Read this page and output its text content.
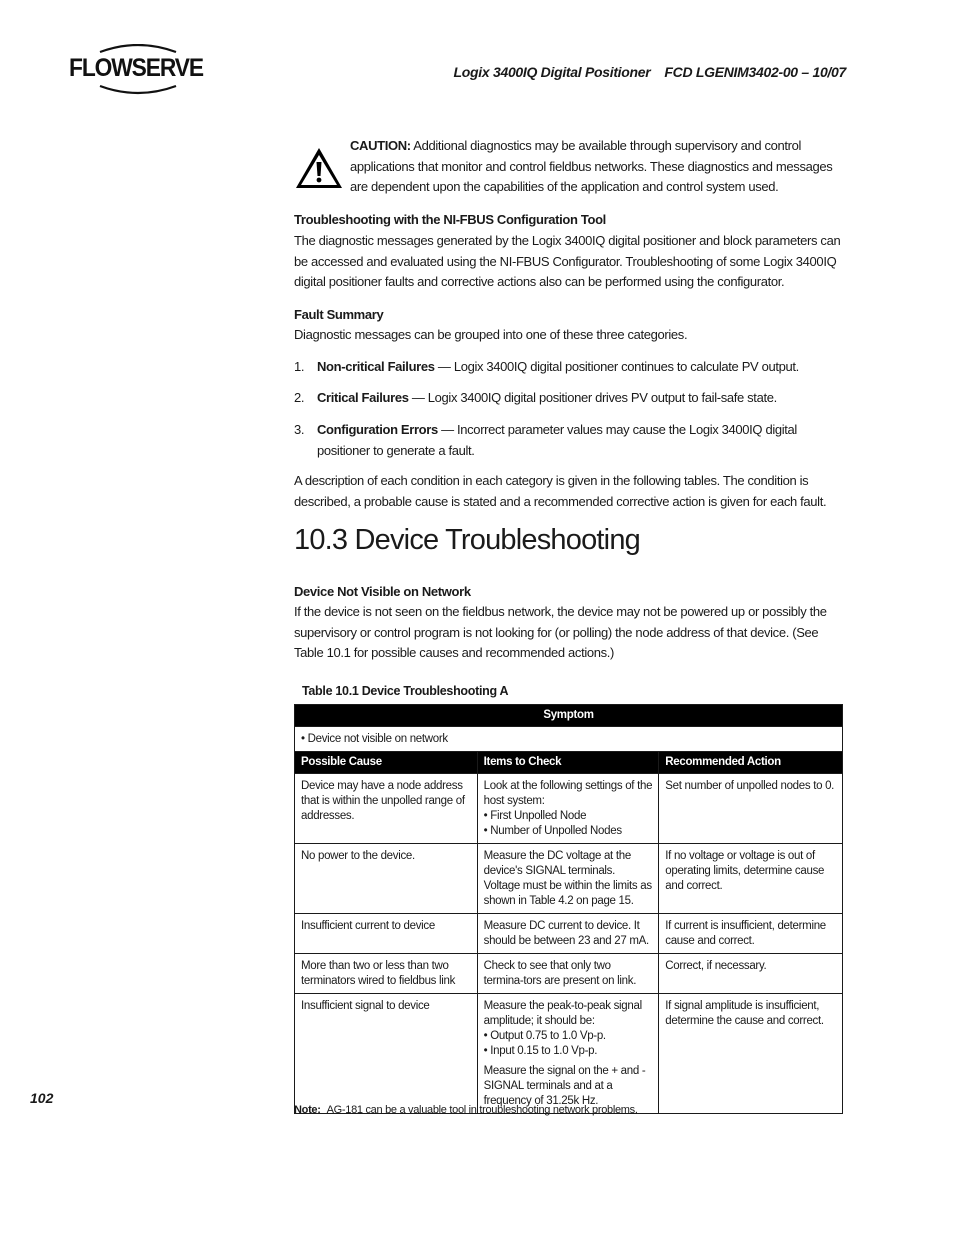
FLOWSERVE	Logix 3400IQ Digital Positioner FCD LGENIM3402-00 – 10/07
CAUTION: Additional diagnostics may be available through supervisory and control applications that monitor and control fieldbus networks. These diagnostics and messages are dependent upon the capabilities of the application and control system used.
Troubleshooting with the NI-FBUS Configuration Tool
The diagnostic messages generated by the Logix 3400IQ digital positioner and block parameters can be accessed and evaluated using the NI-FBUS Configurator. Troubleshooting of some Logix 3400IQ digital positioner faults and corrective actions also can be performed using the configurator.
Fault Summary
Diagnostic messages can be grouped into one of these three categories.
1. Non-critical Failures — Logix 3400IQ digital positioner continues to calculate PV output.
2. Critical Failures — Logix 3400IQ digital positioner drives PV output to fail-safe state.
3. Configuration Errors — Incorrect parameter values may cause the Logix 3400IQ digital positioner to generate a fault.
A description of each condition in each category is given in the following tables. The condition is described, a probable cause is stated and a recommended corrective action is given for each fault.
10.3 Device Troubleshooting
Device Not Visible on Network
If the device is not seen on the fieldbus network, the device may not be powered up or possibly the supervisory or control program is not looking for (or polling) the node address of that device. (See Table 10.1 for possible causes and recommended actions.)
Table 10.1 Device Troubleshooting A
Symptom		
• Device not visible on network		
Possible Cause	Items to Check	Recommended Action
Device may have a node address that is within the unpolled range of addresses.	Look at the following settings of the host system:
• First Unpolled Node
• Number of Unpolled Nodes	Set number of unpolled nodes to 0.
No power to the device.	Measure the DC voltage at the device's SIGNAL terminals. Voltage must be within the limits as shown in Table 4.2 on page 15.	If no voltage or voltage is out of operating limits, determine cause and correct.
Insufficient current to device	Measure DC current to device. It should be between 23 and 27 mA.	If current is insufficient, determine cause and correct.
More than two or less than two terminators wired to fieldbus link	Check to see that only two termina-tors are present on link.	Correct, if necessary.
Insufficient signal to device	Measure the peak-to-peak signal amplitude; it should be:
• Output 0.75 to 1.0 Vp-p.
• Input 0.15 to 1.0 Vp-p.

Measure the signal on the + and - SIGNAL terminals and at a frequency of 31.25k Hz.	If signal amplitude is insufficient, determine the cause and correct.
102
Note: AG-181 can be a valuable tool in troubleshooting network problems.
